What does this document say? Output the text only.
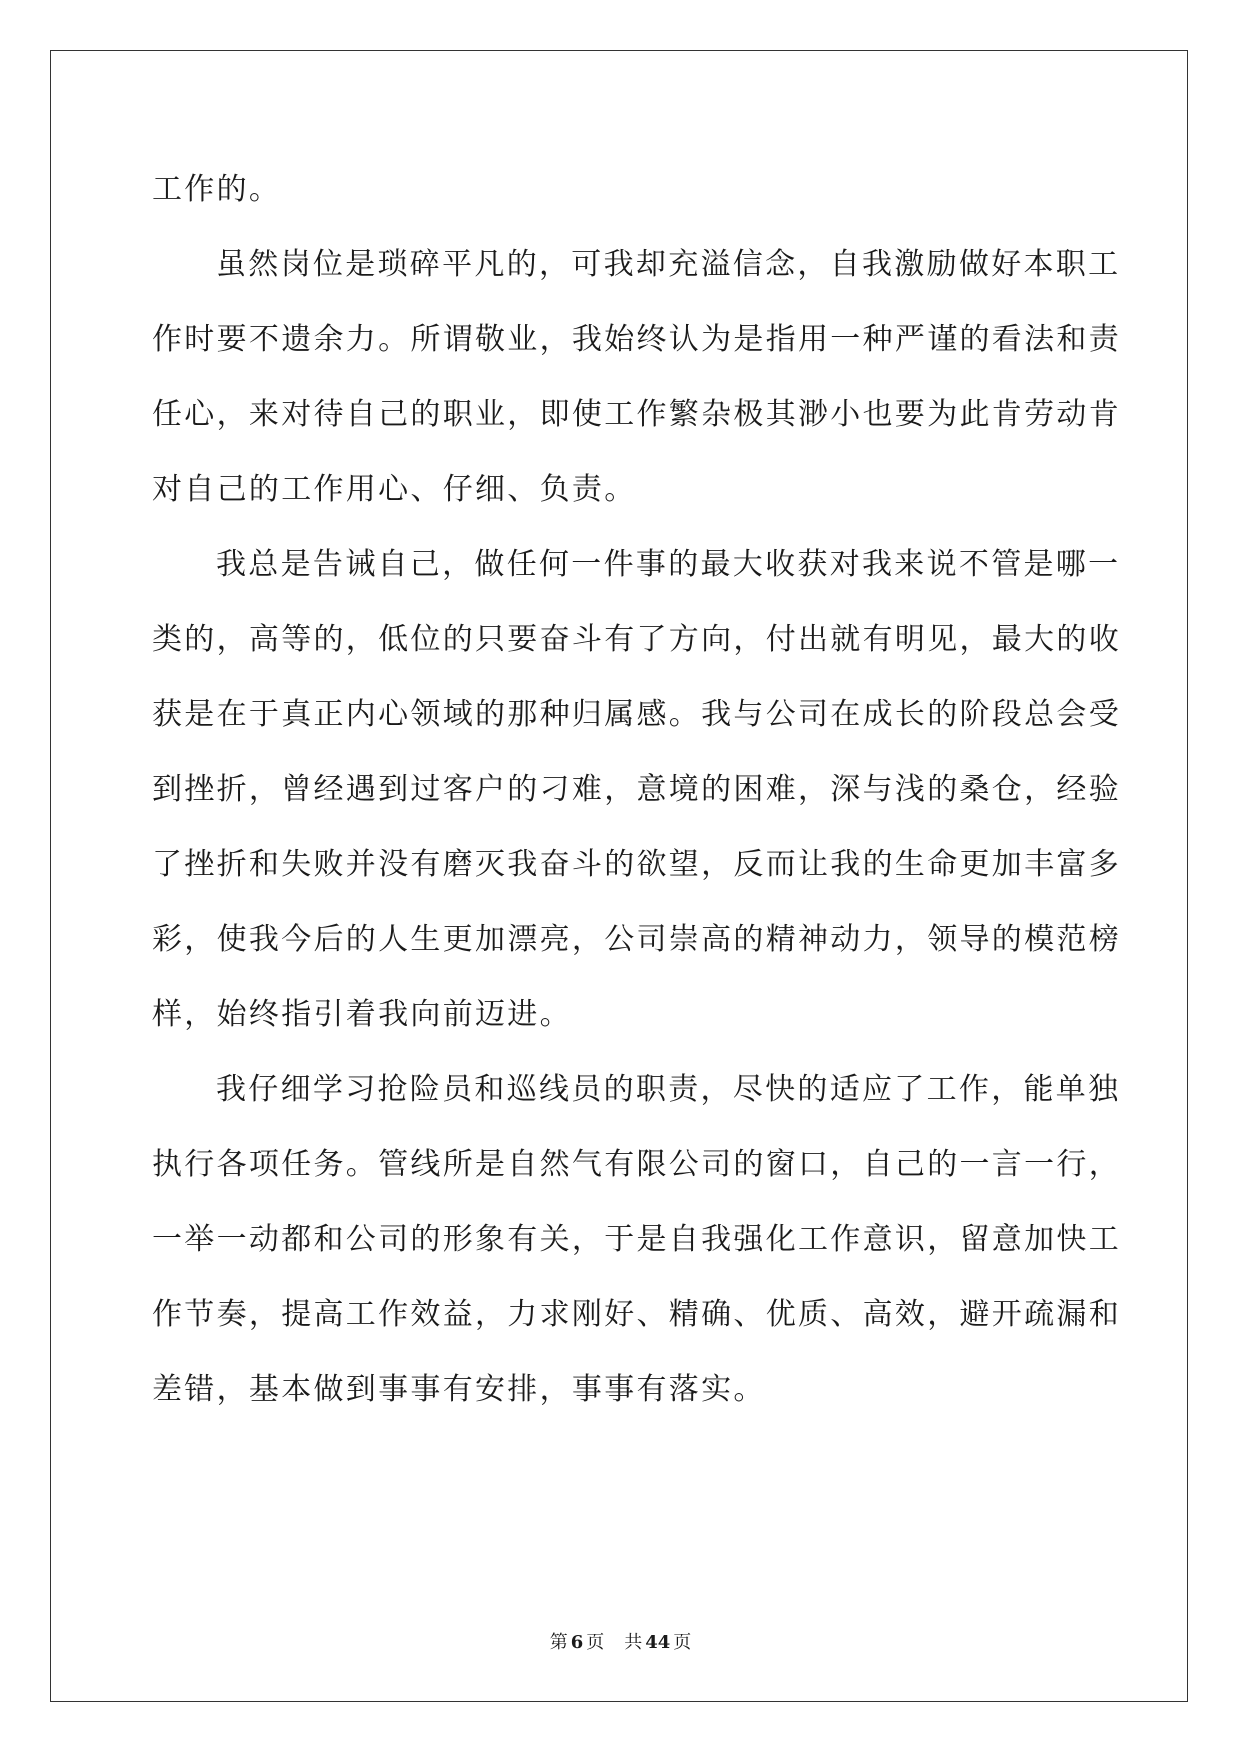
工作的。
虽然岗位是琐碎平凡的，可我却充溢信念，自我激励做好本职工
作时要不遗余力。所谓敬业，我始终认为是指用一种严谨的看法和责
任心，来对待自己的职业，即使工作繁杂极其渺小也要为此肯劳动肯
对自己的工作用心、仔细、负责。
我总是告诫自己，做任何一件事的最大收获对我来说不管是哪一
类的，高等的，低位的只要奋斗有了方向，付出就有明见，最大的收
获是在于真正内心领域的那种归属感。我与公司在成长的阶段总会受
到挫折，曾经遇到过客户的刁难，意境的困难，深与浅的桑仓，经验
了挫折和失败并没有磨灭我奋斗的欲望，反而让我的生命更加丰富多
彩，使我今后的人生更加漂亮，公司崇高的精神动力，领导的模范榜
样，始终指引着我向前迈进。
我仔细学习抢险员和巡线员的职责，尽快的适应了工作，能单独
执行各项任务。管线所是自然气有限公司的窗口，自己的一言一行，
一举一动都和公司的形象有关，于是自我强化工作意识，留意加快工
作节奏，提高工作效益，力求刚好、精确、优质、高效，避开疏漏和
差错，基本做到事事有安排，事事有落实。
第 6 页 共 44 页
